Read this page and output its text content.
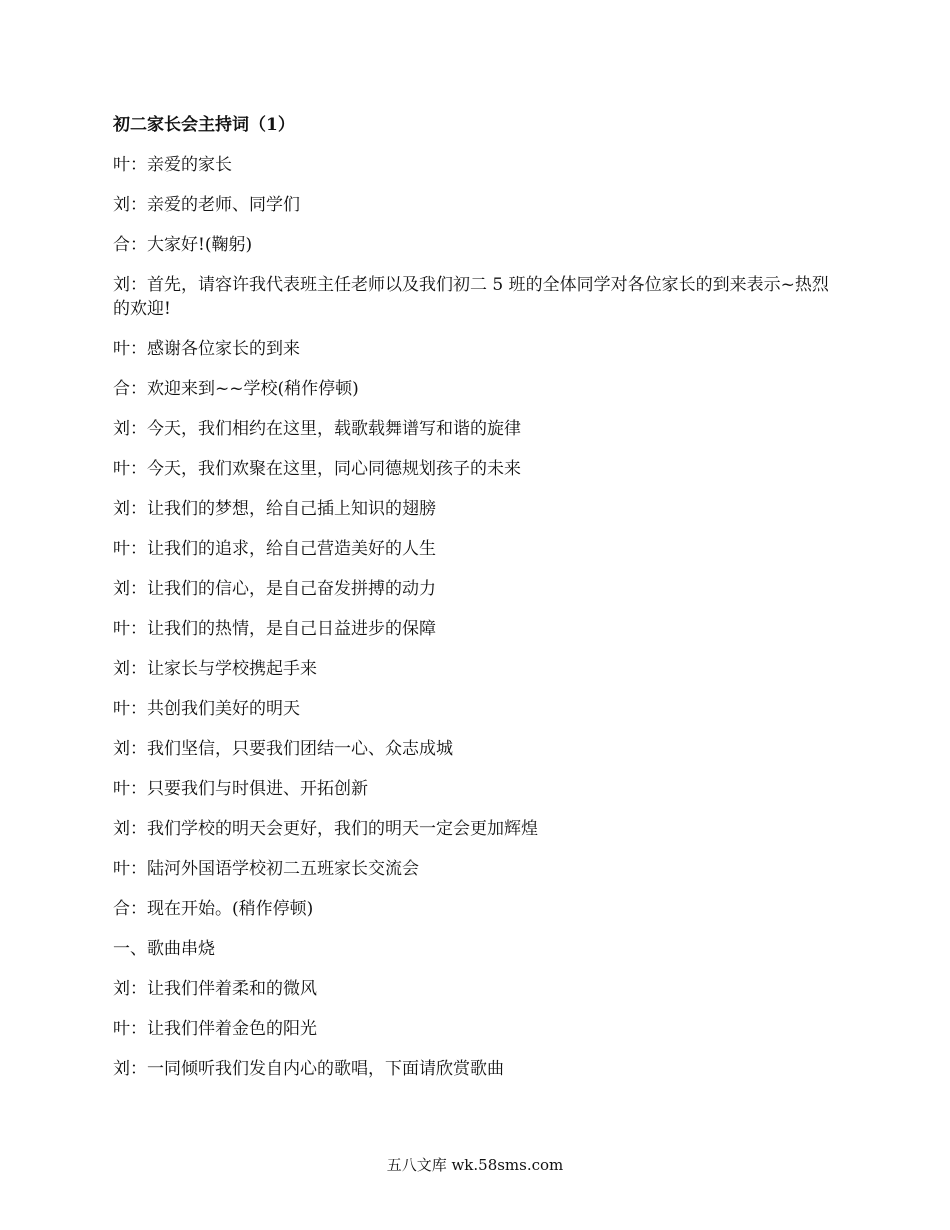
初二家长会主持词（1）
叶：亲爱的家长
刘：亲爱的老师、同学们
合：大家好!(鞠躬)
刘：首先，请容许我代表班主任老师以及我们初二 5 班的全体同学对各位家长的到来表示~热烈的欢迎!
叶：感谢各位家长的到来
合：欢迎来到~~学校(稍作停顿)
刘：今天，我们相约在这里，载歌载舞谱写和谐的旋律
叶：今天，我们欢聚在这里，同心同德规划孩子的未来
刘：让我们的梦想，给自己插上知识的翅膀
叶：让我们的追求，给自己营造美好的人生
刘：让我们的信心，是自己奋发拼搏的动力
叶：让我们的热情，是自己日益进步的保障
刘：让家长与学校携起手来
叶：共创我们美好的明天
刘：我们坚信，只要我们团结一心、众志成城
叶：只要我们与时俱进、开拓创新
刘：我们学校的明天会更好，我们的明天一定会更加辉煌
叶：陆河外国语学校初二五班家长交流会
合：现在开始。(稍作停顿)
一、歌曲串烧
刘：让我们伴着柔和的微风
叶：让我们伴着金色的阳光
刘：一同倾听我们发自内心的歌唱，下面请欣赏歌曲

五八文库 wk.58sms.com
